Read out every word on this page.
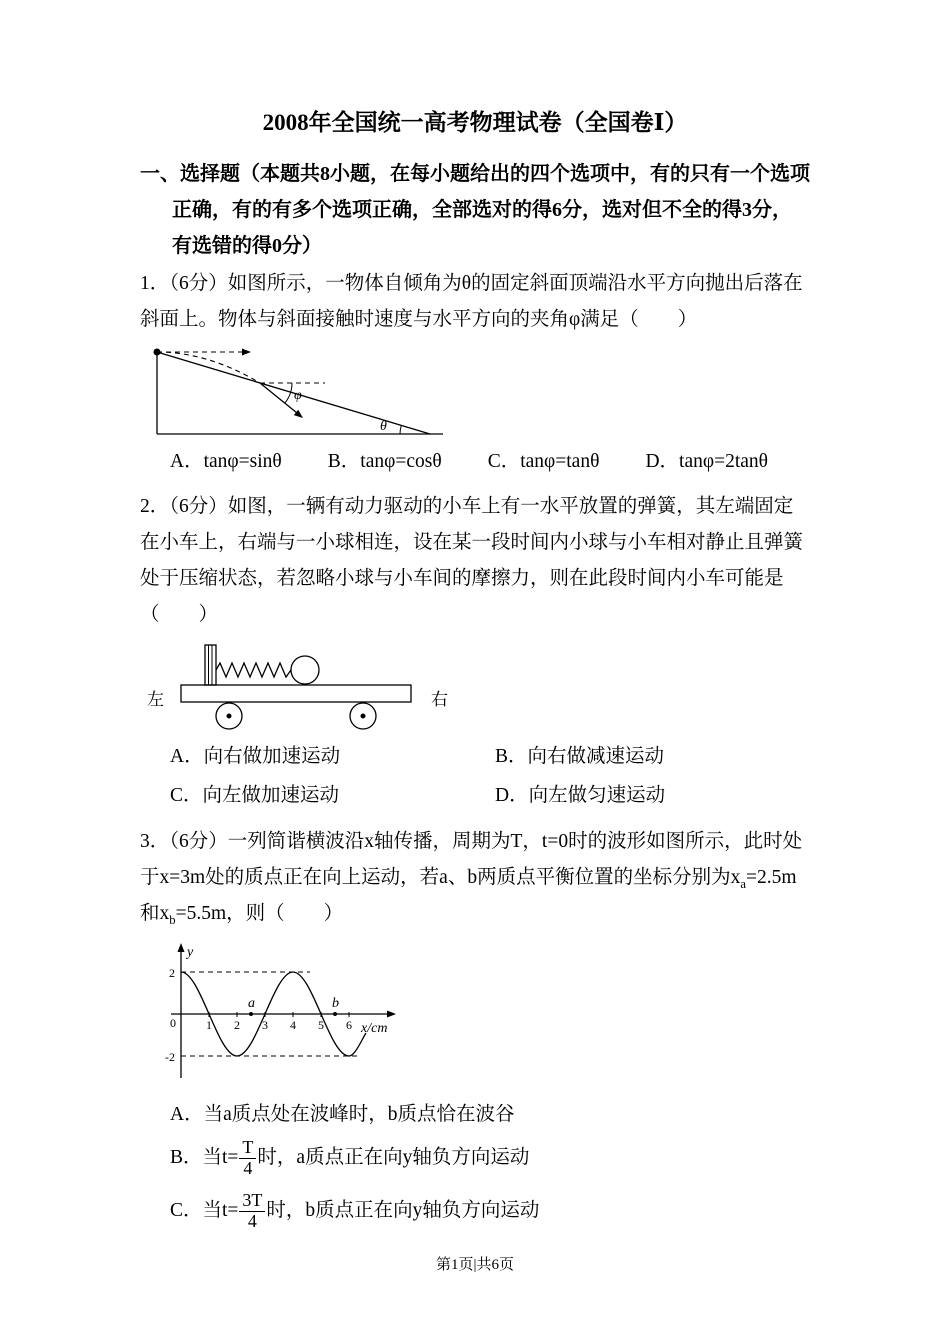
2008年全国统一高考物理试卷（全国卷Ⅰ）

一、选择题（本题共8小题，在每小题给出的四个选项中，有的只有一个选项正确，有的有多个选项正确，全部选对的得6分，选对但不全的得3分，有选错的得0分）

1．（6分）如图所示，一物体自倾角为θ的固定斜面顶端沿水平方向抛出后落在斜面上。物体与斜面接触时速度与水平方向的夹角φ满足（　　）

φ
θ
A．tanφ=sinθ B．tanφ=cosθ C．tanφ=tanθ D．tanφ=2tanθ

2．（6分）如图，一辆有动力驱动的小车上有一水平放置的弹簧，其左端固定在小车上，右端与一小球相连，设在某一段时间内小球与小车相对静止且弹簧处于压缩状态，若忽略小球与小车间的摩擦力，则在此段时间内小车可能是（　　）

左	右
A．向右做加速运动	B．向右做减速运动
C．向左做加速运动	D．向左做匀速运动

3．（6分）一列简谐横波沿x轴传播，周期为T，t=0时的波形如图所示，此时处于x=3m处的质点正在向上运动，若a、b两质点平衡位置的坐标分别为$x_a=2.5m$和$x_b=5.5m$，则（　　）

1 2 3 4 5 6
a	b
y
x/cm
2
-2
0
A．当a质点处在波峰时，b质点恰在波谷
B．当$t= \frac{T}{4}$ 时，a质点正在向y轴负方向运动
C．当$t= \frac{3T}{4}$ 时，b质点正在向y轴负方向运动
第1页|共6页
